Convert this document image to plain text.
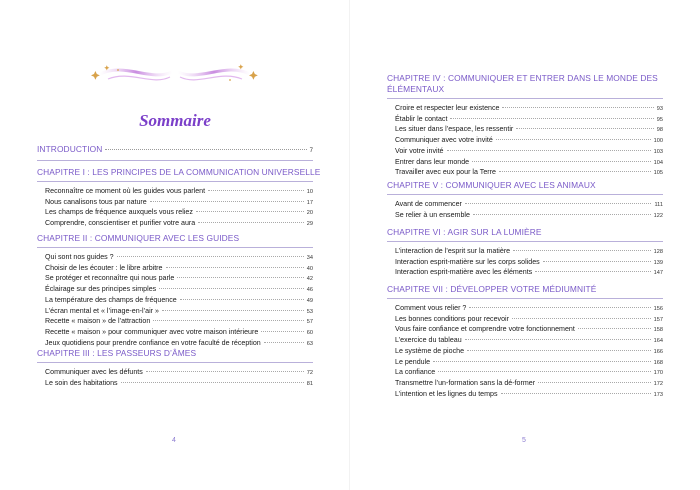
Sommaire
INTRODUCTION	7
CHAPITRE I : LES PRINCIPES DE LA COMMUNICATION UNIVERSELLE
Reconnaître ce moment où les guides vous parlent	10
Nous canalisons tous par nature	17
Les champs de fréquence auxquels vous reliez	20
Comprendre, conscientiser et purifier votre aura	29
CHAPITRE II : COMMUNIQUER AVEC LES GUIDES
Qui sont nos guides ?	34
Choisir de les écouter : le libre arbitre	40
Se protéger et reconnaître qui nous parle	42
Éclairage sur des principes simples	46
La température des champs de fréquence	49
L’écran mental et « l’image-en-l’air »	53
Recette « maison » de l’attraction	57
Recette « maison » pour communiquer avec votre maison intérieure	60
Jeux quotidiens pour prendre confiance en votre faculté de réception	63
CHAPITRE III : LES PASSEURS D’ÂMES
Communiquer avec les défunts	72
Le soin des habitations	81
4
CHAPITRE IV : COMMUNIQUER ET ENTRER DANS LE MONDE DES ÉLÉMENTAUX
Croire et respecter leur existence	93
Établir le contact	95
Les situer dans l’espace, les ressentir	98
Communiquer avec votre invité	100
Voir votre invité	103
Entrer dans leur monde	104
Travailler avec eux pour la Terre	105
CHAPITRE V : COMMUNIQUER AVEC LES ANIMAUX
Avant de commencer	111
Se relier à un ensemble	122
CHAPITRE VI : AGIR SUR LA LUMIÈRE
L’interaction de l’esprit sur la matière	128
Interaction esprit-matière sur les corps solides	139
Interaction esprit-matière avec les éléments	147
CHAPITRE VII : DÉVELOPPER VOTRE MÉDIUMNITÉ
Comment vous relier ?	156
Les bonnes conditions pour recevoir	157
Vous faire confiance et comprendre votre fonctionnement	158
L’exercice du tableau	164
Le système de pioche	166
Le pendule	168
La confiance	170
Transmettre l’un-formation sans la dé-former	172
L’intention et les lignes du temps	173
5
